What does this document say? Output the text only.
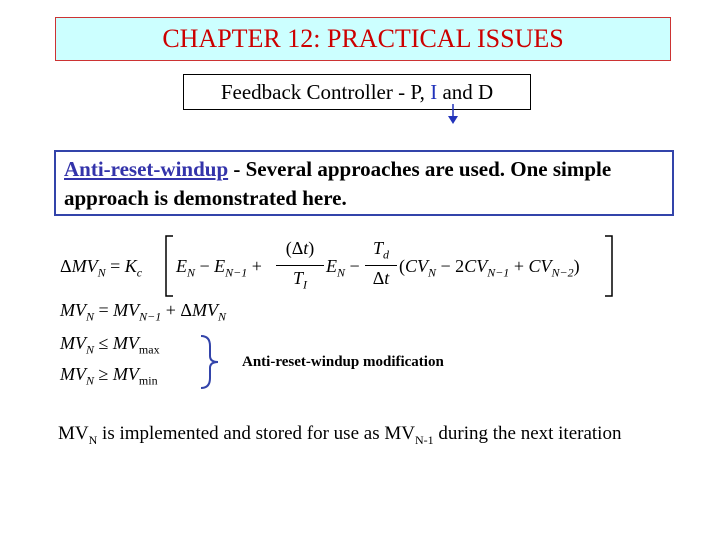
CHAPTER 12: PRACTICAL ISSUES
Feedback Controller - P, I and D
Anti-reset-windup - Several approaches are used. One simple approach is demonstrated here.
$\Delta MV_N = K_c$ $E_N - E_{N-1}$ +
(Δt)
$T_I$
$E_N$ −
$T_d$
Δt
$(CV_N - 2CV_{N-1} + CV_{N-2})$
$MV_N = MV_{N-1} + \Delta MV_N$
$MV_N \le MV_{max}$
$MV_N \ge MV_{min}$
Anti-reset-windup modification
$MV_N$ is implemented and stored for use as $MV_{N-1}$ during the next iteration
